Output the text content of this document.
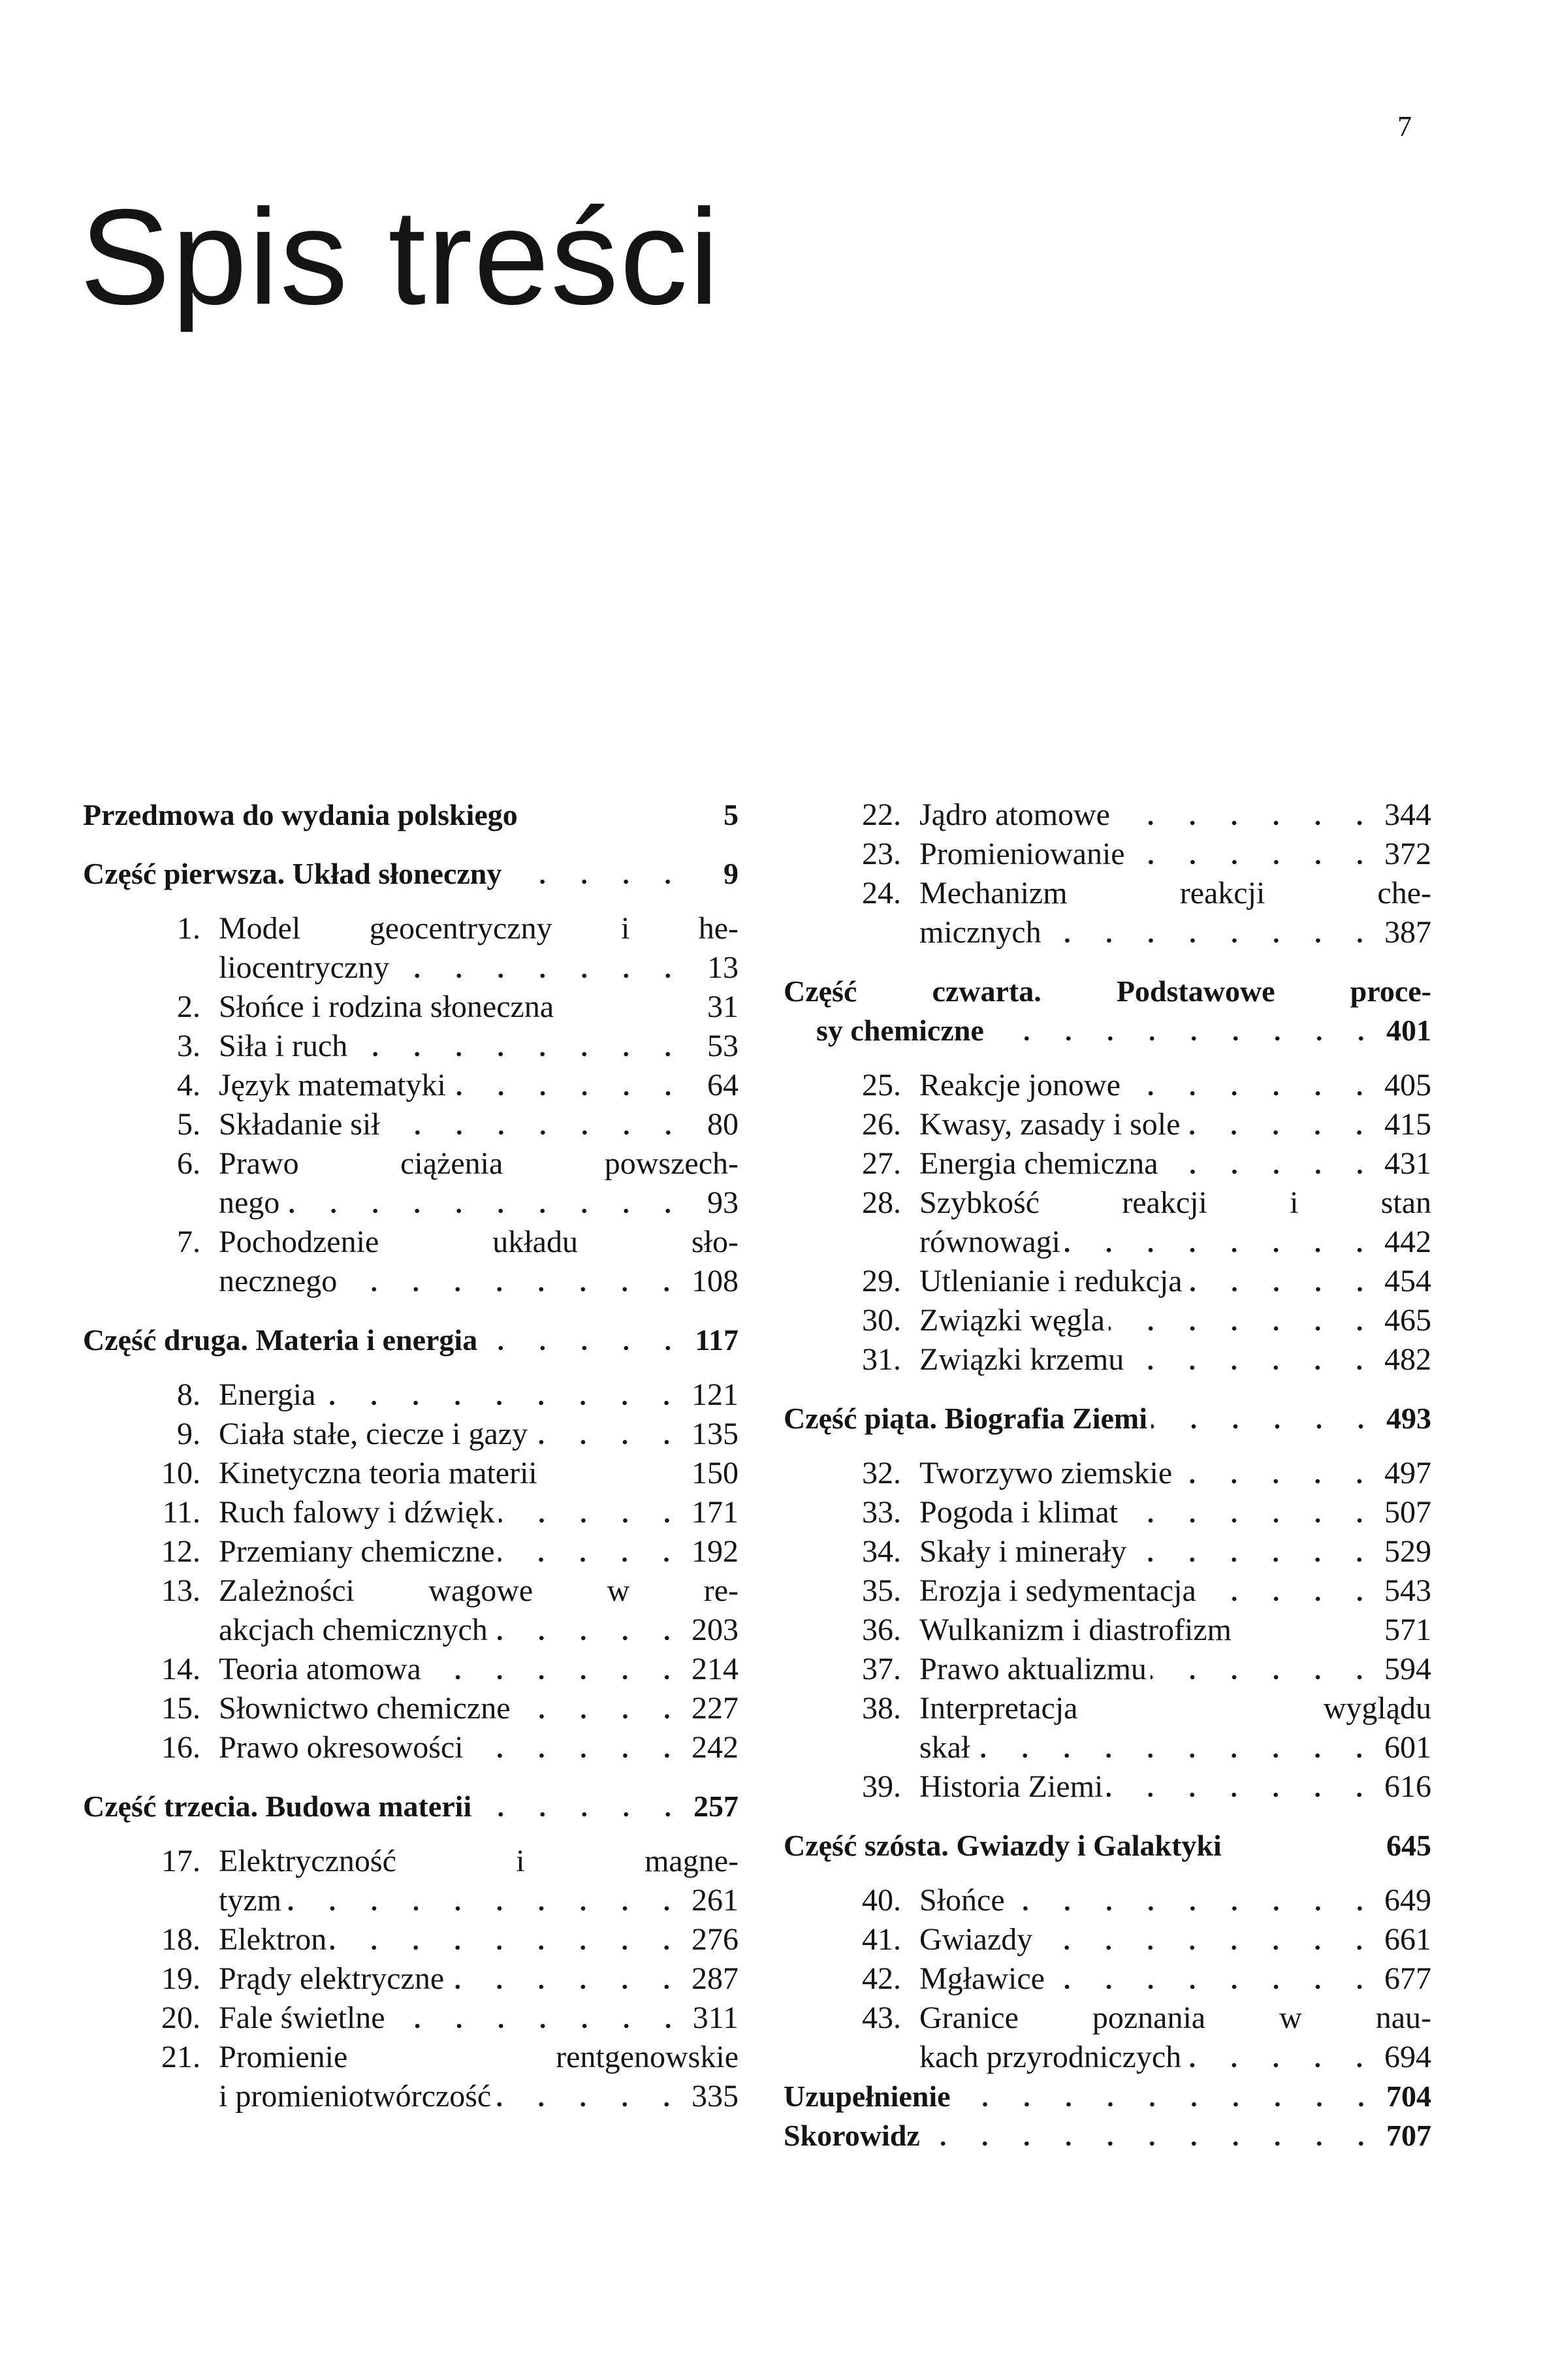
7
Spis treści
Przedmowa do wydania polskiego	5
Część pierwsza. Układ słoneczny	9
1. Model geocentryczny i he-
liocentryczny	13
2. Słońce i rodzina słoneczna	31
3. Siła i ruch	53
4. Język matematyki	64
5. Składanie sił	80
6. Prawo ciążenia powszech-
nego	93
7. Pochodzenie układu sło-
necznego	108
Część druga. Materia i energia	117
8. Energia	121
9. Ciała stałe, ciecze i gazy	135
10. Kinetyczna teoria materii	150
11. Ruch falowy i dźwięk	171
12. Przemiany chemiczne	192
13. Zależności wagowe w re-
akcjach chemicznych	203
14. Teoria atomowa	214
15. Słownictwo chemiczne	227
16. Prawo okresowości	242
Część trzecia. Budowa materii	257
17. Elektryczność i magne-
tyzm	261
18. Elektron	276
19. Prądy elektryczne	287
20. Fale świetlne	311
21. Promienie rentgenowskie
i promieniotwórczość	335
22. Jądro atomowe	344
23. Promieniowanie	372
24. Mechanizm reakcji che-
micznych	387
Część czwarta. Podstawowe proce-
sy chemiczne	401
25. Reakcje jonowe	405
26. Kwasy, zasady i sole	415
27. Energia chemiczna	431
28. Szybkość reakcji i stan
równowagi	442
29. Utlenianie i redukcja	454
30. Związki węgla	465
31. Związki krzemu	482
Część piąta. Biografia Ziemi	493
32. Tworzywo ziemskie	497
33. Pogoda i klimat	507
34. Skały i minerały	529
35. Erozja i sedymentacja	543
36. Wulkanizm i diastrofizm	571
37. Prawo aktualizmu	594
38. Interpretacja wyglądu
skał	601
39. Historia Ziemi	616
Część szósta. Gwiazdy i Galaktyki	645
40. Słońce	649
41. Gwiazdy	661
42. Mgławice	677
43. Granice poznania w nau-
kach przyrodniczych	694
Uzupełnienie	704
Skorowidz	707
